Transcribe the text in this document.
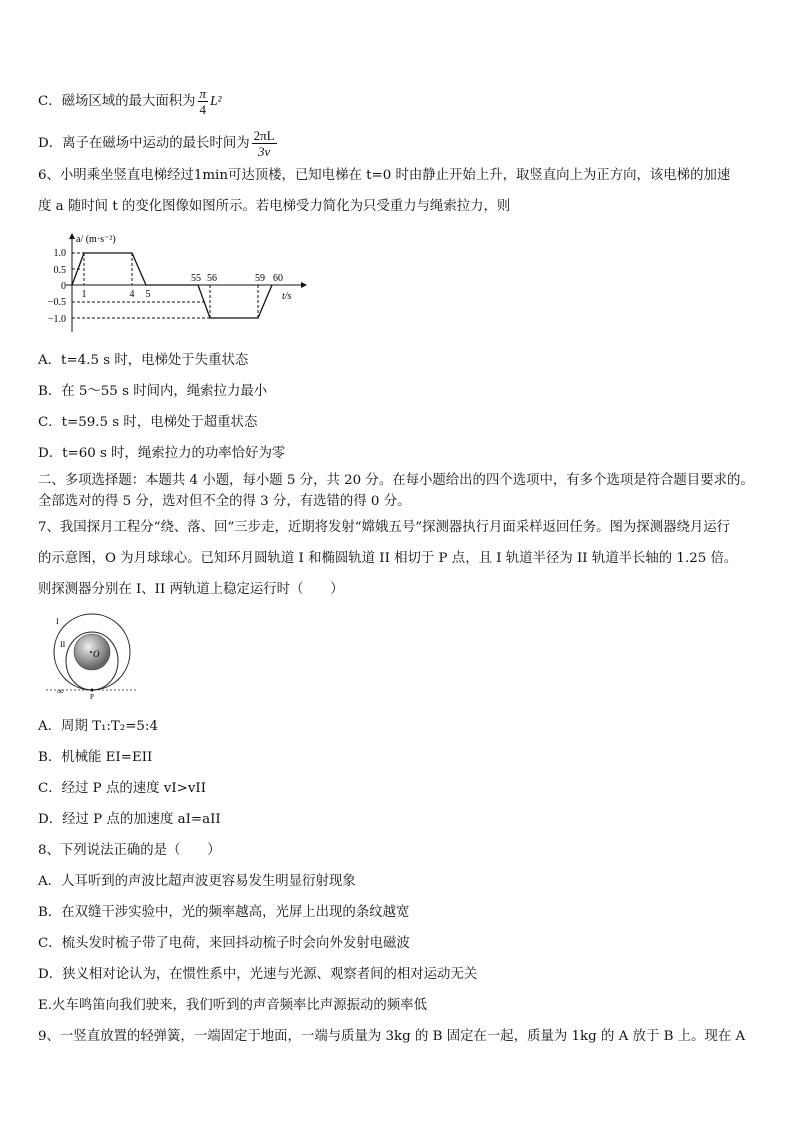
C．磁场区域的最大面积为 $\frac{\pi}{4} L^2$
D．离子在磁场中运动的最长时间为 $\frac{2\pi L}{3v}$
6、小明乘坐竖直电梯经过1min可达顶楼，已知电梯在 t=0 时由静止开始上升，取竖直向上为正方向，该电梯的加速
度 a 随时间 t 的变化图像如图所示。若电梯受力简化为只受重力与绳索拉力，则
a/ (m·s⁻²)
t/s
1.0
0.5
0
−0.5
−1.0
1	4 5
55 56	59 60
A．t=4.5 s 时，电梯处于失重状态
B．在 5～55 s 时间内，绳索拉力最小
C．t=59.5 s 时，电梯处于超重状态
D．t=60 s 时，绳索拉力的功率恰好为零
二、多项选择题：本题共 4 小题，每小题 5 分，共 20 分。在每小题给出的四个选项中，有多个选项是符合题目要求的。
全部选对的得 5 分，选对但不全的得 3 分，有选错的得 0 分。
7、我国探月工程分“绕、落、回”三步走，近期将发射“嫦娥五号”探测器执行月面采样返回任务。图为探测器绕月运行
的示意图，O 为月球球心。已知环月圆轨道 I 和椭圆轨道 II 相切于 P 点，且 I 轨道半径为 II 轨道半长轴的 1.25 倍。
则探测器分别在 I、II 两轨道上稳定运行时（　　）
I
II
O
∞
P
A．周期 T₁:T₂=5:4
B．机械能 EI=EII
C．经过 P 点的速度 vI>vII
D．经过 P 点的加速度 aI=aII
8、下列说法正确的是（　　）
A．人耳听到的声波比超声波更容易发生明显衍射现象
B．在双缝干涉实验中，光的频率越高，光屏上出现的条纹越宽
C．梳头发时梳子带了电荷，来回抖动梳子时会向外发射电磁波
D．狭义相对论认为，在惯性系中，光速与光源、观察者间的相对运动无关
E.火车鸣笛向我们驶来，我们听到的声音频率比声源振动的频率低
9、一竖直放置的轻弹簧，一端固定于地面，一端与质量为 3kg 的 B 固定在一起，质量为 1kg 的 A 放于 B 上。现在 A
